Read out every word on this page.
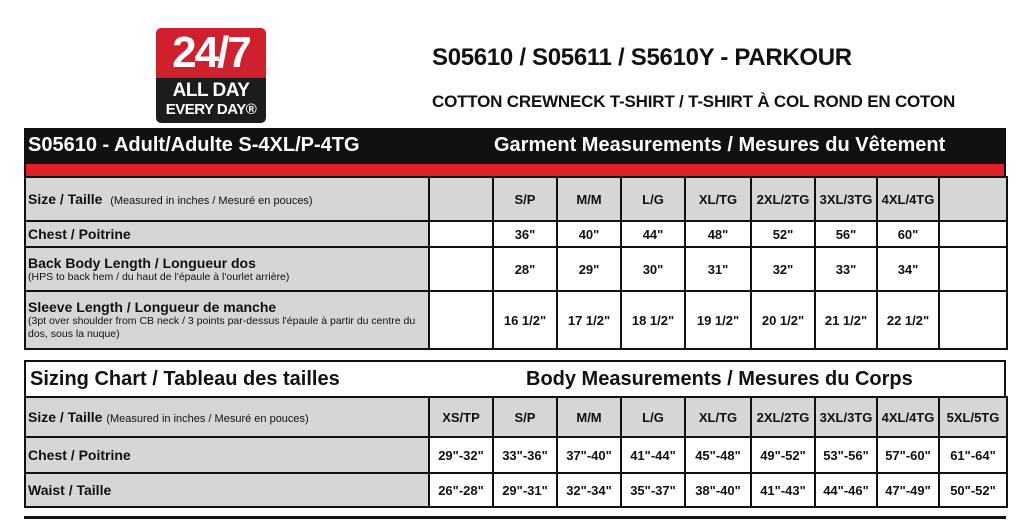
24/7
ALL DAY
EVERY DAY®
S05610 / S05611 / S5610Y - PARKOUR
COTTON CREWNECK T-SHIRT / T-SHIRT À COL ROND EN COTON
S05610 - Adult/Adulte S-4XL/P-4TG	Garment Measurements / Mesures du Vêtement
Size / Taille (Measured in inches / Mesuré en pouces)		S/P	M/M	L/G	XL/TG	2XL/2TG	3XL/3TG	4XL/4TG	
Chest / Poitrine		36"	40"	44"	48"	52"	56"	60"	
Back Body Length / Longueur dos
(HPS to back hem / du haut de l'épaule à l'ourlet arrière)		28"	29"	30"	31"	32"	33"	34"	
Sleeve Length / Longueur de manche
(3pt over shoulder from CB neck / 3 points par-dessus l'épaule à partir du centre du dos, sous la nuque)		16 1/2"	17 1/2"	18 1/2"	19 1/2"	20 1/2"	21 1/2"	22 1/2"	
Sizing Chart / Tableau des tailles	Body Measurements / Mesures du Corps
Size / Taille (Measured in inches / Mesuré en pouces)	XS/TP	S/P	M/M	L/G	XL/TG	2XL/2TG	3XL/3TG	4XL/4TG	5XL/5TG
Chest / Poitrine	29"-32"	33"-36"	37"-40"	41"-44"	45"-48"	49"-52"	53"-56"	57"-60"	61"-64"
Waist / Taille	26"-28"	29"-31"	32"-34"	35"-37"	38"-40"	41"-43"	44"-46"	47"-49"	50"-52"
